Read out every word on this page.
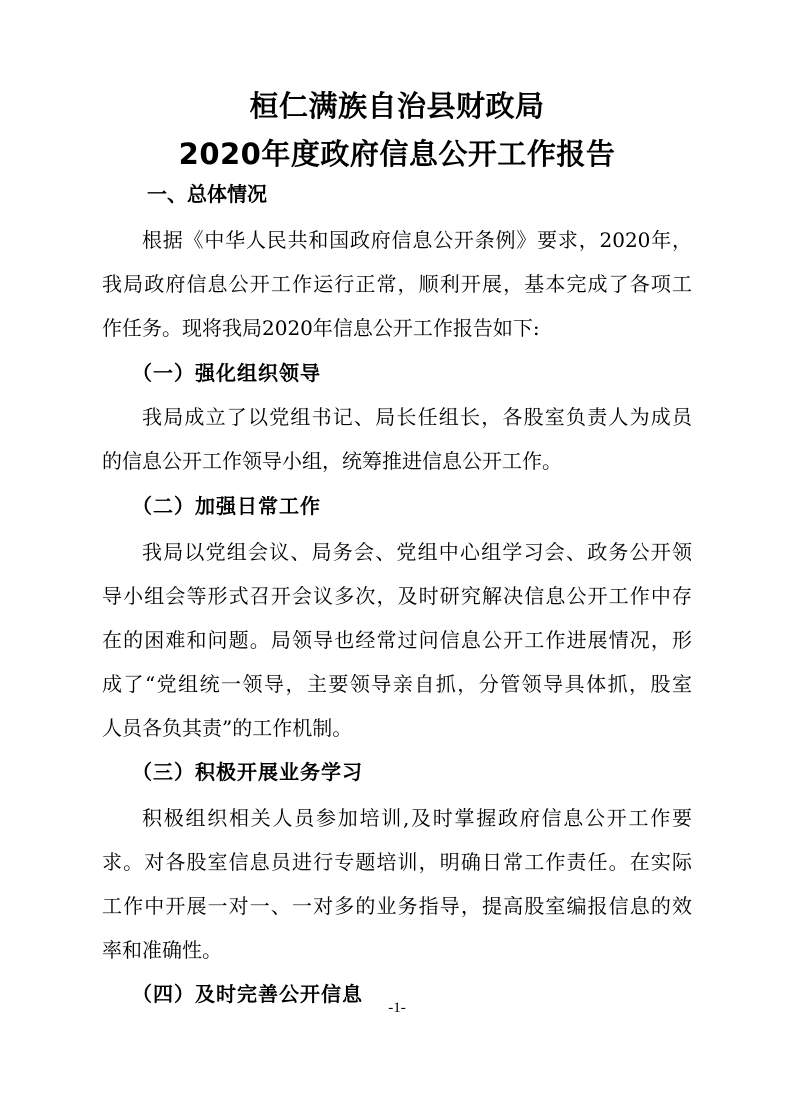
桓仁满族自治县财政局
2020年度政府信息公开工作报告
一、总体情况
根据《中华人民共和国政府信息公开条例》要求，2020年，
我局政府信息公开工作运行正常，顺利开展，基本完成了各项工
作任务。现将我局2020年信息公开工作报告如下:
（一）强化组织领导
我局成立了以党组书记、局长任组长，各股室负责人为成员
的信息公开工作领导小组，统筹推进信息公开工作。
（二）加强日常工作
我局以党组会议、局务会、党组中心组学习会、政务公开领
导小组会等形式召开会议多次，及时研究解决信息公开工作中存
在的困难和问题。局领导也经常过问信息公开工作进展情况，形
成了“党组统一领导，主要领导亲自抓，分管领导具体抓，股室
人员各负其责”的工作机制。
（三）积极开展业务学习
积极组织相关人员参加培训,及时掌握政府信息公开工作要
求。对各股室信息员进行专题培训，明确日常工作责任。在实际
工作中开展一对一、一对多的业务指导，提高股室编报信息的效
率和准确性。
（四）及时完善公开信息
-1-
